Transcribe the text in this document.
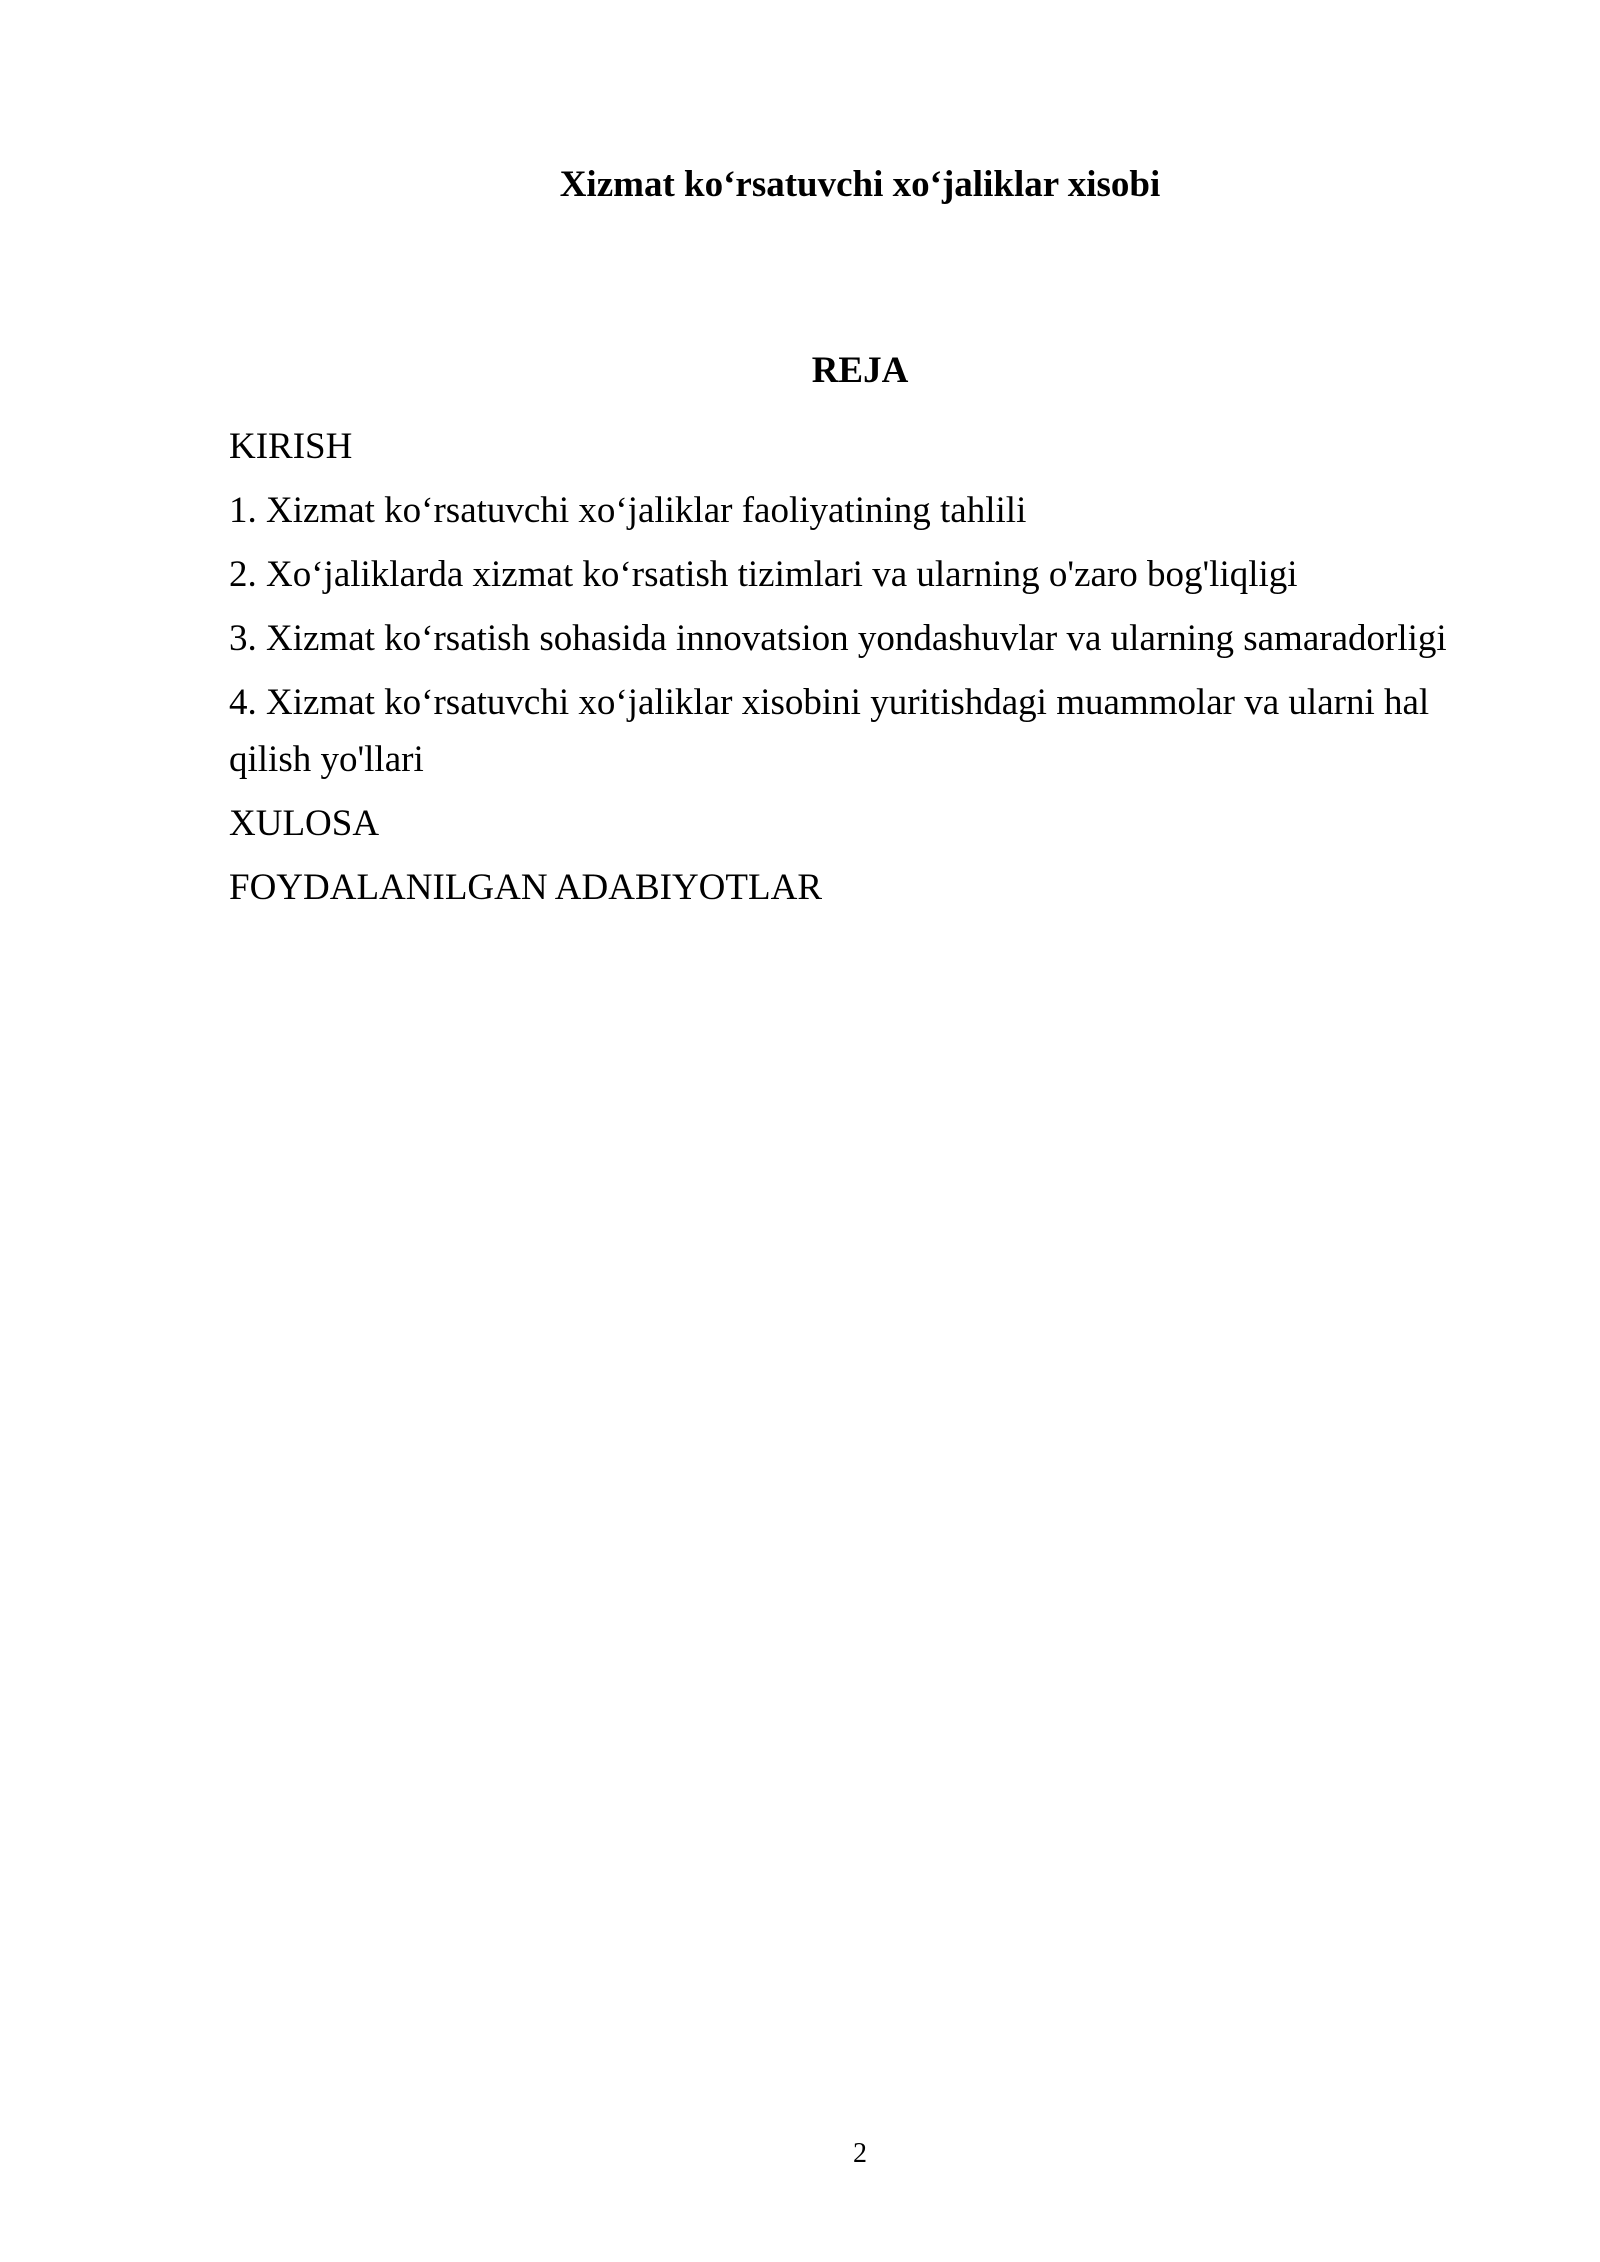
Xizmat koʻrsatuvchi xoʻjaliklar xisobi
REJA
KIRISH
1. Xizmat koʻrsatuvchi xoʻjaliklar faoliyatining tahlili
2. Xoʻjaliklarda xizmat koʻrsatish tizimlari va ularning o'zaro bog'liqligi
3. Xizmat koʻrsatish sohasida innovatsion yondashuvlar va ularning samaradorligi
4. Xizmat koʻrsatuvchi xoʻjaliklar xisobini yuritishdagi muammolar va ularni hal qilish yo'llari
XULOSA
FOYDALANILGAN ADABIYOTLAR
2
